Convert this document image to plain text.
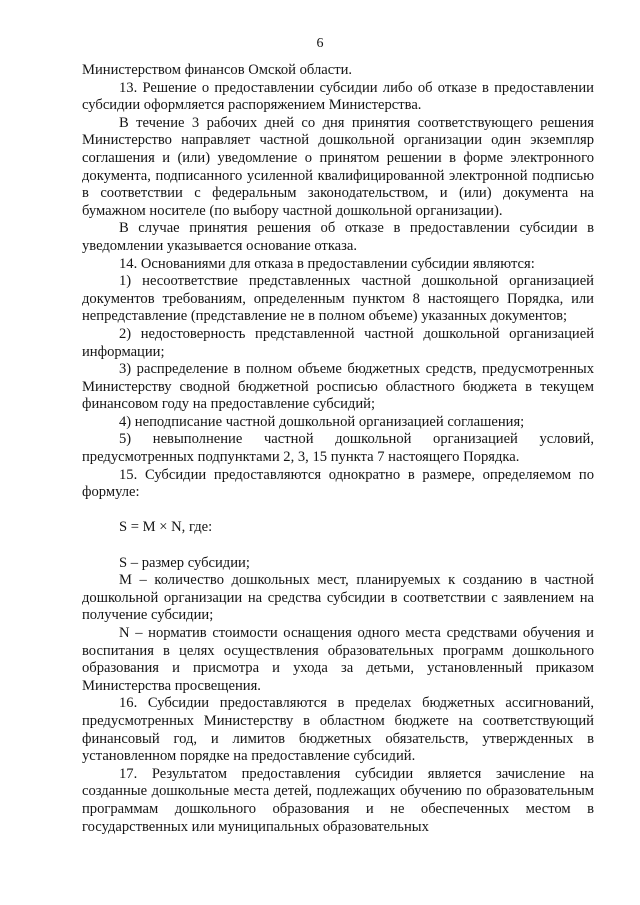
6

Министерством финансов Омской области.

13. Решение о предоставлении субсидии либо об отказе в предоставлении субсидии оформляется распоряжением Министерства.

В течение 3 рабочих дней со дня принятия соответствующего решения Министерство направляет частной дошкольной организации один экземпляр соглашения и (или) уведомление о принятом решении в форме электронного документа, подписанного усиленной квалифицированной электронной подписью в соответствии с федеральным законодательством, и (или) документа на бумажном носителе (по выбору частной дошкольной организации).

В случае принятия решения об отказе в предоставлении субсидии в уведомлении указывается основание отказа.

14. Основаниями для отказа в предоставлении субсидии являются:

1) несоответствие представленных частной дошкольной организацией документов требованиям, определенным пунктом 8 настоящего Порядка, или непредставление (представление не в полном объеме) указанных документов;

2) недостоверность представленной частной дошкольной организацией информации;

3) распределение в полном объеме бюджетных средств, предусмотренных Министерству сводной бюджетной росписью областного бюджета в текущем финансовом году на предоставление субсидий;

4) неподписание частной дошкольной организацией соглашения;

5) невыполнение частной дошкольной организацией условий, предусмотренных подпунктами 2, 3, 15 пункта 7 настоящего Порядка.

15. Субсидии предоставляются однократно в размере, определяемом по формуле:

S = M × N, где:

S – размер субсидии;

M – количество дошкольных мест, планируемых к созданию в частной дошкольной организации на средства субсидии в соответствии с заявлением на получение субсидии;

N – норматив стоимости оснащения одного места средствами обучения и воспитания в целях осуществления образовательных программ дошкольного образования и присмотра и ухода за детьми, установленный приказом Министерства просвещения.

16. Субсидии предоставляются в пределах бюджетных ассигнований, предусмотренных Министерству в областном бюджете на соответствующий финансовый год, и лимитов бюджетных обязательств, утвержденных в установленном порядке на предоставление субсидий.

17. Результатом предоставления субсидии является зачисление на созданные дошкольные места детей, подлежащих обучению по образовательным программам дошкольного образования и не обеспеченных местом в государственных или муниципальных образовательных
